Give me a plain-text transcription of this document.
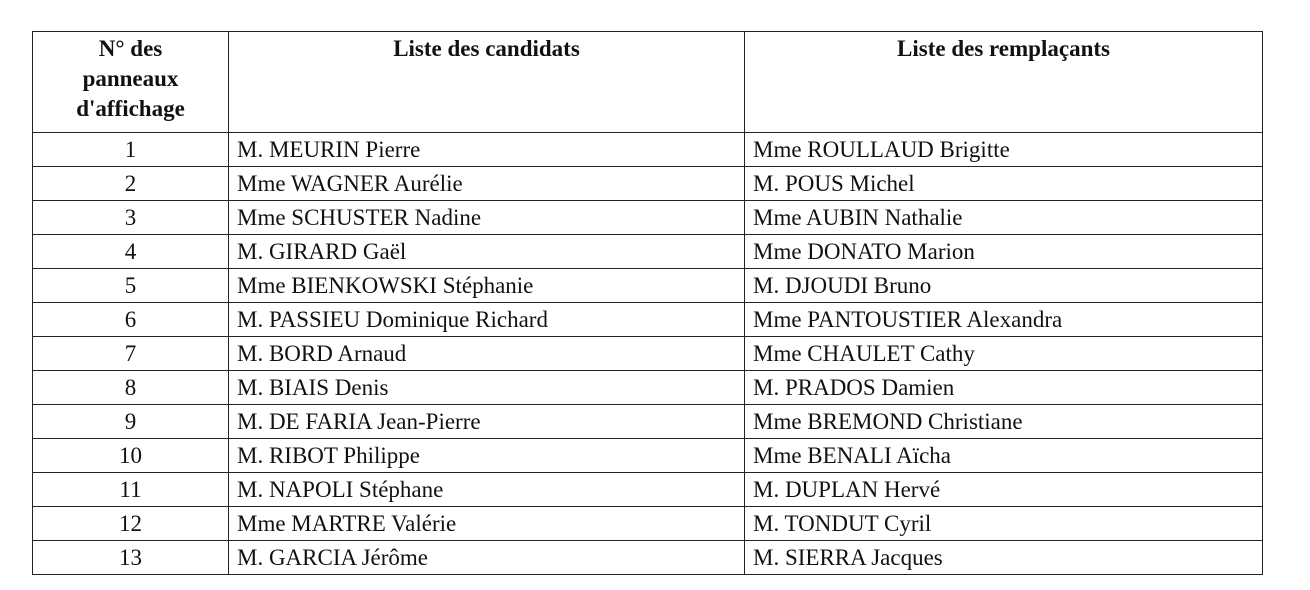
N° des
panneaux
d'affichage	Liste des candidats	Liste des remplaçants
1	M. MEURIN Pierre	Mme ROULLAUD Brigitte
2	Mme WAGNER Aurélie	M. POUS Michel
3	Mme SCHUSTER Nadine	Mme AUBIN Nathalie
4	M. GIRARD Gaël	Mme DONATO Marion
5	Mme BIENKOWSKI Stéphanie	M. DJOUDI Bruno
6	M. PASSIEU Dominique Richard	Mme PANTOUSTIER Alexandra
7	M. BORD Arnaud	Mme CHAULET Cathy
8	M. BIAIS Denis	M. PRADOS Damien
9	M. DE FARIA Jean-Pierre	Mme BREMOND Christiane
10	M. RIBOT Philippe	Mme BENALI Aïcha
11	M. NAPOLI Stéphane	M. DUPLAN Hervé
12	Mme MARTRE Valérie	M. TONDUT Cyril
13	M. GARCIA Jérôme	M. SIERRA Jacques
